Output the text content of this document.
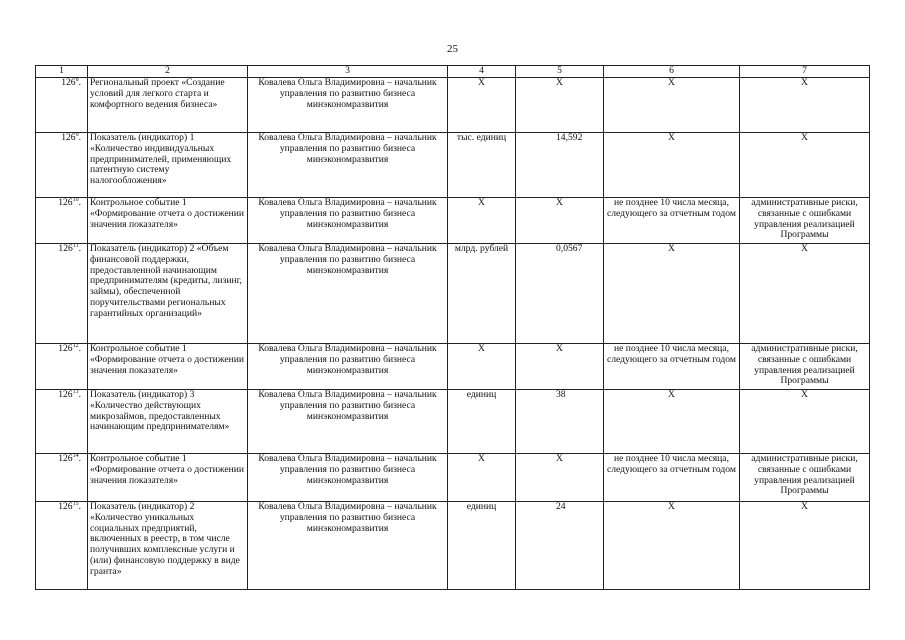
25
1	2	3	4	5	6	7
$126^8$.	Региональный проект «Создание условий для легкого старта и комфортного ведения бизнеса»	Ковалева Ольга Владимировна – начальник управления по развитию бизнеса минэкономразвития	X	X	X	X
$126^9$.	Показатель (индикатор) 1 «Количество индивидуальных предпринимателей, применяющих патентную систему налогообложения»	Ковалева Ольга Владимировна – начальник управления по развитию бизнеса минэкономразвития	тыс. единиц	14,592	X	X
$126^{10}$.	Контрольное событие 1 «Формирование отчета о достижении значения показателя»	Ковалева Ольга Владимировна – начальник управления по развитию бизнеса минэкономразвития	X	X	не позднее 10 числа месяца, следующего за отчетным годом	административные риски, связанные с ошибками управления реализацией Программы
$126^{11}$.	Показатель (индикатор) 2 «Объем финансовой поддержки, предоставленной начинающим предпринимателям (кредиты, лизинг, займы), обеспеченной поручительствами региональных гарантийных организаций»	Ковалева Ольга Владимировна – начальник управления по развитию бизнеса минэкономразвития	млрд. рублей	0,0567	X	X
$126^{12}$.	Контрольное событие 1 «Формирование отчета о достижении значения показателя»	Ковалева Ольга Владимировна – начальник управления по развитию бизнеса минэкономразвития	X	X	не позднее 10 числа месяца, следующего за отчетным годом	административные риски, связанные с ошибками управления реализацией Программы
$126^{13}$.	Показатель (индикатор) 3 «Количество действующих микрозаймов, предоставленных начинающим предпринимателям»	Ковалева Ольга Владимировна – начальник управления по развитию бизнеса минэкономразвития	единиц	38	X	X
$126^{14}$.	Контрольное событие 1 «Формирование отчета о достижении значения показателя»	Ковалева Ольга Владимировна – начальник управления по развитию бизнеса минэкономразвития	X	X	не позднее 10 числа месяца, следующего за отчетным годом	административные риски, связанные с ошибками управления реализацией Программы
$126^{15}$.	Показатель (индикатор) 2 «Количество уникальных социальных предприятий, включенных в реестр, в том числе получивших комплексные услуги и (или) финансовую поддержку в виде гранта»	Ковалева Ольга Владимировна – начальник управления по развитию бизнеса минэкономразвития	единиц	24	X	X
